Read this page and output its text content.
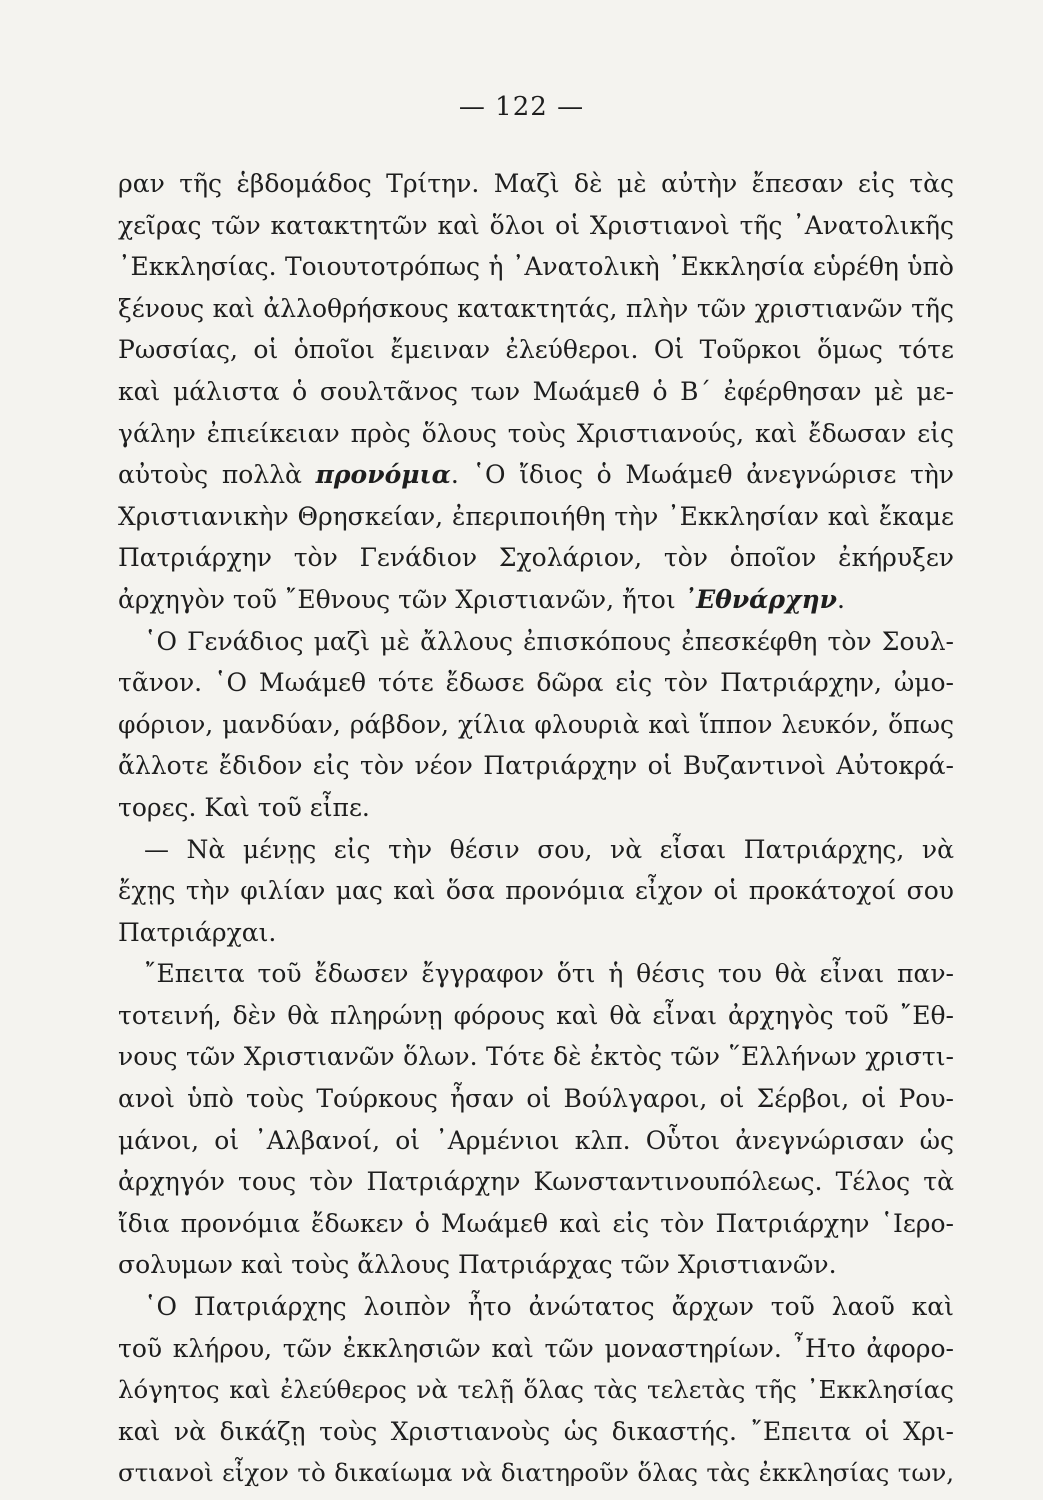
— 122 —
ραν τῆς ἑβδομάδος Τρίτην. Μαζὶ δὲ μὲ αὐτὴν ἔπεσαν εἰς τὰς
χεῖρας τῶν κατακτητῶν καὶ ὅλοι οἱ Χριστιανοὶ τῆς ᾿Ανατολικῆς
᾿Εκκλησίας. Τοιουτοτρόπως ἡ ᾿Ανατολικὴ ᾿Εκκλησία εὑρέθη ὑπὸ
ξένους καὶ ἀλλοθρήσκους κατακτητάς, πλὴν τῶν χριστιανῶν τῆς
Ρωσσίας, οἱ ὁποῖοι ἔμειναν ἐλεύθεροι. Οἱ Τοῦρκοι ὅμως τότε
καὶ μάλιστα ὁ σουλτᾶνος των Μωάμεθ ὁ Β΄ ἐφέρθησαν μὲ με-
γάλην ἐπιείκειαν πρὸς ὅλους τοὺς Χριστιανούς, καὶ ἔδωσαν εἰς
αὐτοὺς πολλὰ προνόμια. ῾Ο ἴδιος ὁ Μωάμεθ ἀνεγνώρισε τὴν
Χριστιανικὴν Θρησκείαν, ἐπεριποιήθη τὴν ᾿Εκκλησίαν καὶ ἔκαμε
Πατριάρχην τὸν Γενάδιον Σχολάριον, τὸν ὁποῖον ἐκήρυξεν
ἀρχηγὸν τοῦ ῎Εθνους τῶν Χριστιανῶν, ἤτοι ᾿Εθνάρχην.
῾Ο Γενάδιος μαζὶ μὲ ἄλλους ἐπισκόπους ἐπεσκέφθη τὸν Σουλ-
τᾶνον. ῾Ο Μωάμεθ τότε ἔδωσε δῶρα εἰς τὸν Πατριάρχην, ὠμο-
φόριον, μανδύαν, ράβδον, χίλια φλουριὰ καὶ ἵππον λευκόν, ὅπως
ἄλλοτε ἔδιδον εἰς τὸν νέον Πατριάρχην οἱ Βυζαντινοὶ Αὐτοκρά-
τορες. Καὶ τοῦ εἶπε.
— Νὰ μένῃς εἰς τὴν θέσιν σου, νὰ εἶσαι Πατριάρχης, νὰ
ἔχῃς τὴν φιλίαν μας καὶ ὅσα προνόμια εἶχον οἱ προκάτοχοί σου
Πατριάρχαι.
῎Επειτα τοῦ ἔδωσεν ἔγγραφον ὅτι ἡ θέσις του θὰ εἶναι παν-
τοτεινή, δὲν θὰ πληρώνῃ φόρους καὶ θὰ εἶναι ἀρχηγὸς τοῦ ῎Εθ-
νους τῶν Χριστιανῶν ὅλων. Τότε δὲ ἐκτὸς τῶν ῞Ελλήνων χριστι-
ανοὶ ὑπὸ τοὺς Τούρκους ἦσαν οἱ Βούλγαροι, οἱ Σέρβοι, οἱ Ρου-
μάνοι, οἱ ᾿Αλβανοί, οἱ ᾿Αρμένιοι κλπ. Οὗτοι ἀνεγνώρισαν ὡς
ἀρχηγόν τους τὸν Πατριάρχην Κωνσταντινουπόλεως. Τέλος τὰ
ἴδια προνόμια ἔδωκεν ὁ Μωάμεθ καὶ εἰς τὸν Πατριάρχην ῾Ιερο-
σολυμων καὶ τοὺς ἄλλους Πατριάρχας τῶν Χριστιανῶν.
῾Ο Πατριάρχης λοιπὸν ἦτο ἀνώτατος ἄρχων τοῦ λαοῦ καὶ
τοῦ κλήρου, τῶν ἐκκλησιῶν καὶ τῶν μοναστηρίων. ῏Ητο ἀφορο-
λόγητος καὶ ἐλεύθερος νὰ τελῇ ὅλας τὰς τελετὰς τῆς ᾿Εκκλησίας
καὶ νὰ δικάζῃ τοὺς Χριστιανοὺς ὡς δικαστής. ῎Επειτα οἱ Χρι-
στιανοὶ εἶχον τὸ δικαίωμα νὰ διατηροῦν ὅλας τὰς ἐκκλησίας των,
